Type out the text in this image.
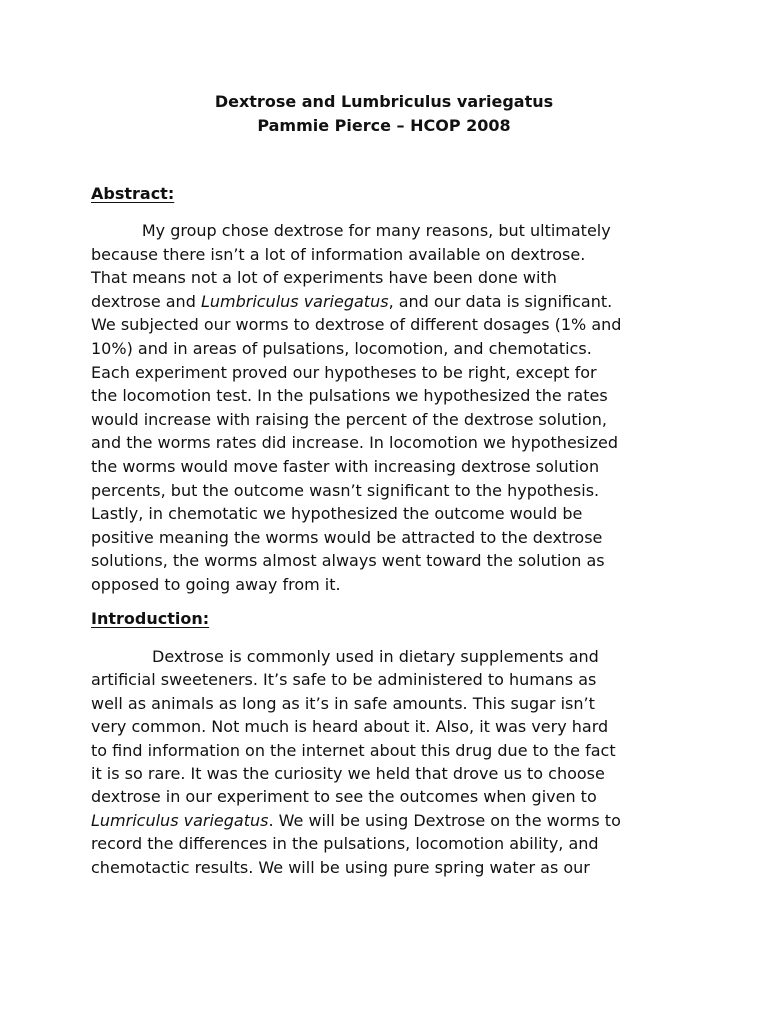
Dextrose and Lumbriculus variegatus
Pammie Pierce – HCOP 2008
Abstract:
My group chose dextrose for many reasons, but ultimately
because there isn’t a lot of information available on dextrose.
That means not a lot of experiments have been done with
dextrose and Lumbriculus variegatus, and our data is significant.
We subjected our worms to dextrose of different dosages (1% and
10%) and in areas of pulsations, locomotion, and chemotatics.
Each experiment proved our hypotheses to be right, except for
the locomotion test. In the pulsations we hypothesized the rates
would increase with raising the percent of the dextrose solution,
and the worms rates did increase. In locomotion we hypothesized
the worms would move faster with increasing dextrose solution
percents, but the outcome wasn’t significant to the hypothesis.
Lastly, in chemotatic we hypothesized the outcome would be
positive meaning the worms would be attracted to the dextrose
solutions, the worms almost always went toward the solution as
opposed to going away from it.
Introduction:
Dextrose is commonly used in dietary supplements and
artificial sweeteners. It’s safe to be administered to humans as
well as animals as long as it’s in safe amounts. This sugar isn’t
very common. Not much is heard about it. Also, it was very hard
to find information on the internet about this drug due to the fact
it is so rare. It was the curiosity we held that drove us to choose
dextrose in our experiment to see the outcomes when given to
Lumriculus variegatus. We will be using Dextrose on the worms to
record the differences in the pulsations, locomotion ability, and
chemotactic results. We will be using pure spring water as our
